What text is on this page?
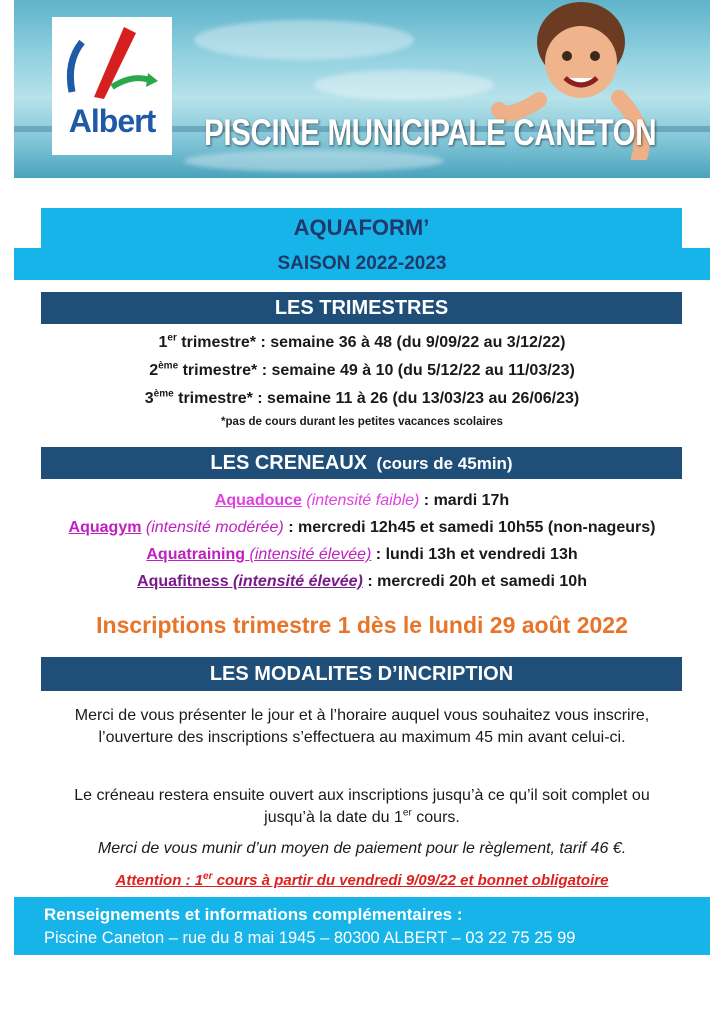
Albert PISCINE MUNICIPALE CANETON
AQUAFORM’
SAISON 2022-2023
LES TRIMESTRES
1er trimestre* : semaine 36 à 48 (du 9/09/22 au 3/12/22)
2ème trimestre* : semaine 49 à 10 (du 5/12/22 au 11/03/23)
3ème trimestre* : semaine 11 à 26 (du 13/03/23 au 26/06/23)
*pas de cours durant les petites vacances scolaires
LES CRENEAUX  (cours de 45min)
Aquadouce (intensité faible) : mardi 17h
Aquagym (intensité modérée) : mercredi 12h45 et samedi 10h55 (non-nageurs)
Aquatraining (intensité élevée) : lundi 13h et vendredi 13h
Aquafitness (intensité élevée) : mercredi 20h et samedi 10h
Inscriptions trimestre 1 dès le lundi 29 août 2022
LES MODALITES D’INCRIPTION
Merci de vous présenter le jour et à l’horaire auquel vous souhaitez vous inscrire, l’ouverture des inscriptions s’effectuera au maximum 45 min avant celui-ci.
Le créneau restera ensuite ouvert aux inscriptions jusqu’à ce qu’il soit complet ou jusqu’à la date du 1er cours.
Merci de vous munir d’un moyen de paiement pour le règlement, tarif 46 €.
Attention : 1er cours à partir du vendredi 9/09/22 et bonnet obligatoire
Renseignements et informations complémentaires :
Piscine Caneton – rue du 8 mai 1945 – 80300 ALBERT – 03 22 75 25 99
